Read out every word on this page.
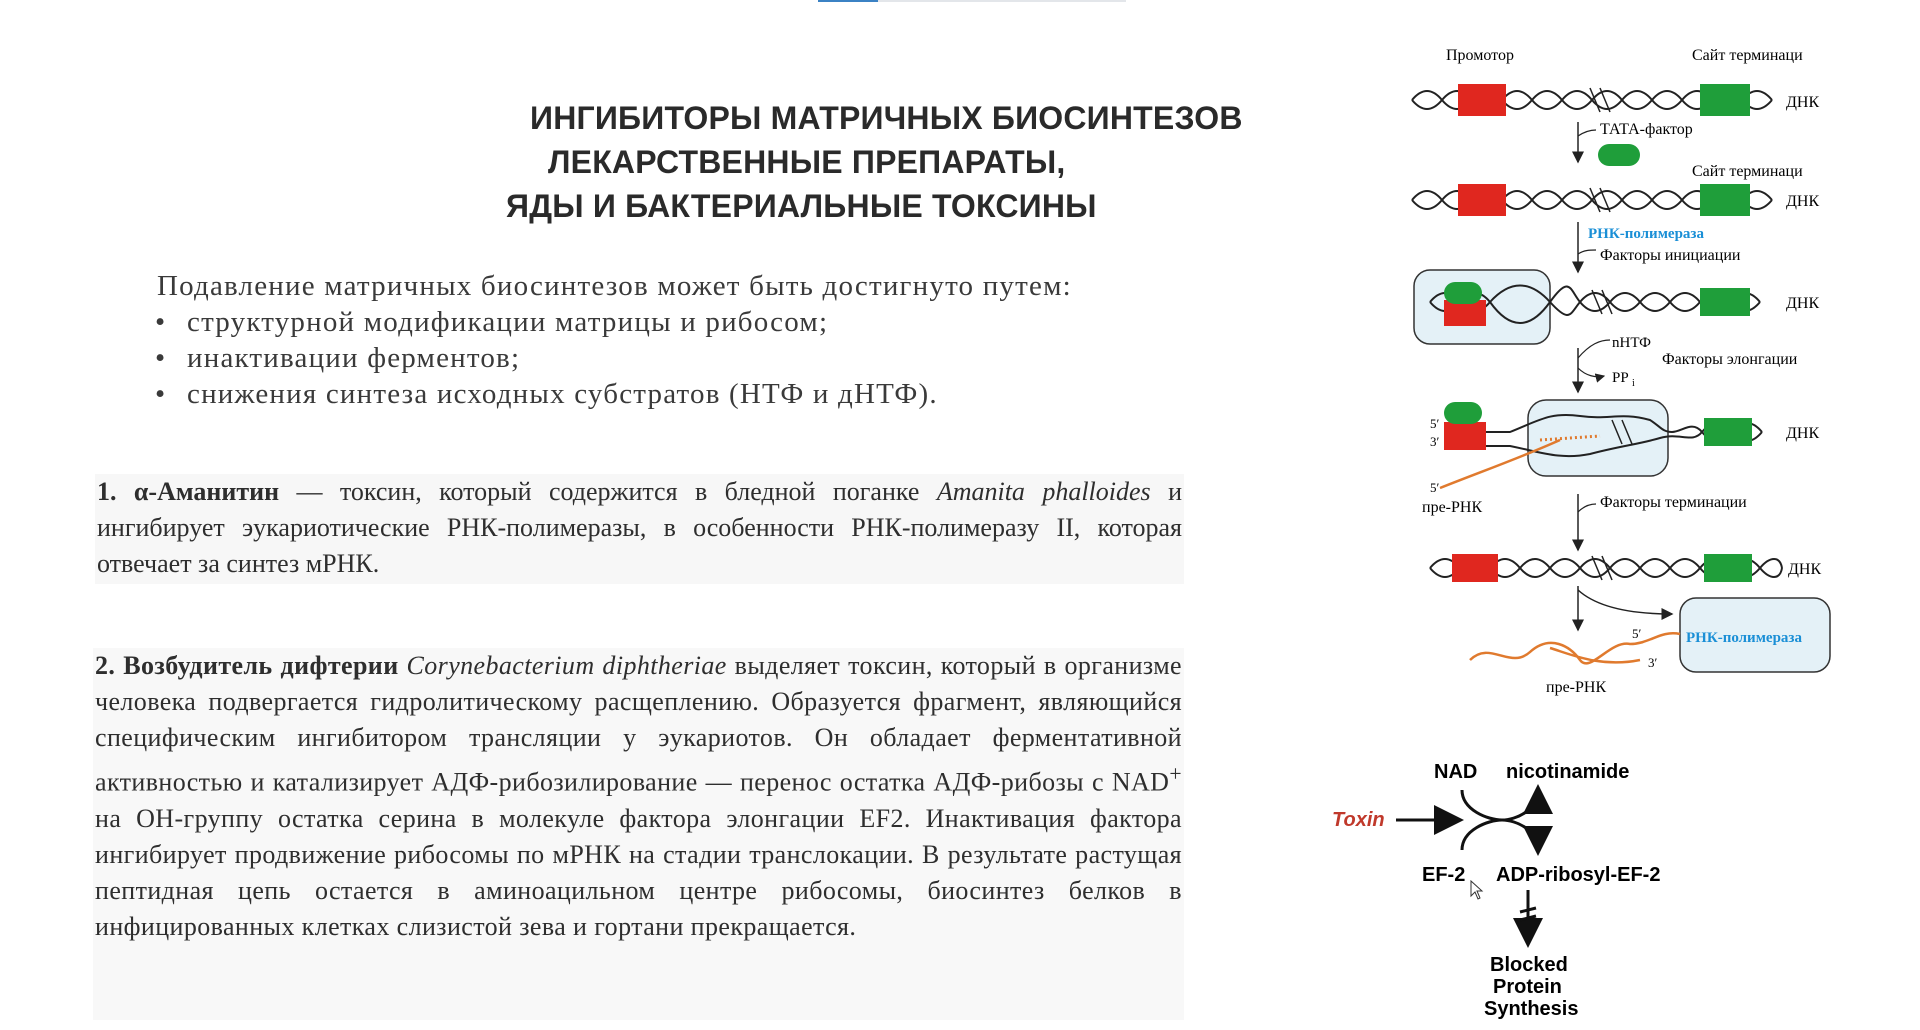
ИНГИБИТОРЫ МАТРИЧНЫХ БИОСИНТЕЗОВ
ЛЕКАРСТВЕННЫЕ ПРЕПАРАТЫ,
ЯДЫ И БАКТЕРИАЛЬНЫЕ ТОКСИНЫ
Подавление матричных биосинтезов может быть достигнуто путем:
• структурной модификации матрицы и рибосом;
• инактивации ферментов;
• снижения синтеза исходных субстратов (НТФ и дНТФ).
1. α-Аманитин — токсин, который содержится в бледной поганке Amanita phalloides и ингибирует эукариотические РНК-полимеразы, в особенности РНК-полимеразу II, которая отвечает за синтез мРНК.
2. Возбудитель дифтерии Corynebacterium diphtheriae выделяет токсин, который в организме человека подвергается гидролитическому расщеплению. Образуется фрагмент, являющийся специфическим ингибитором трансляции у эукариотов. Он обладает ферментативной активностью и катализирует АДФ-рибозилирование — перенос остатка АДФ-рибозы с NAD+ на ОН-группу остатка серина в молекуле фактора элонгации EF2. Инактивация фактора ингибирует продвижение рибосомы по мРНК на стадии транслокации. В результате растущая пептидная цепь остается в аминоацильном центре рибосомы, биосинтез белков в инфицированных клетках слизистой зева и гортани прекращается.
Промотор	Сайт терминаци
ДНК
ТАТА-фактор
Сайт терминаци
ДНК
РНК-полимераза
Факторы инициации
ДНК
nНТФ
PP i
Факторы элонгации
5′
3′	ДНК
5′
пре-РНК	Факторы терминации
ДНК
РНК-полимераза
5′
3′
пре-РНК
NAD nicotinamide
Toxin
EF-2 ADP-ribosyl-EF-2
Blocked
Protein
Synthesis
